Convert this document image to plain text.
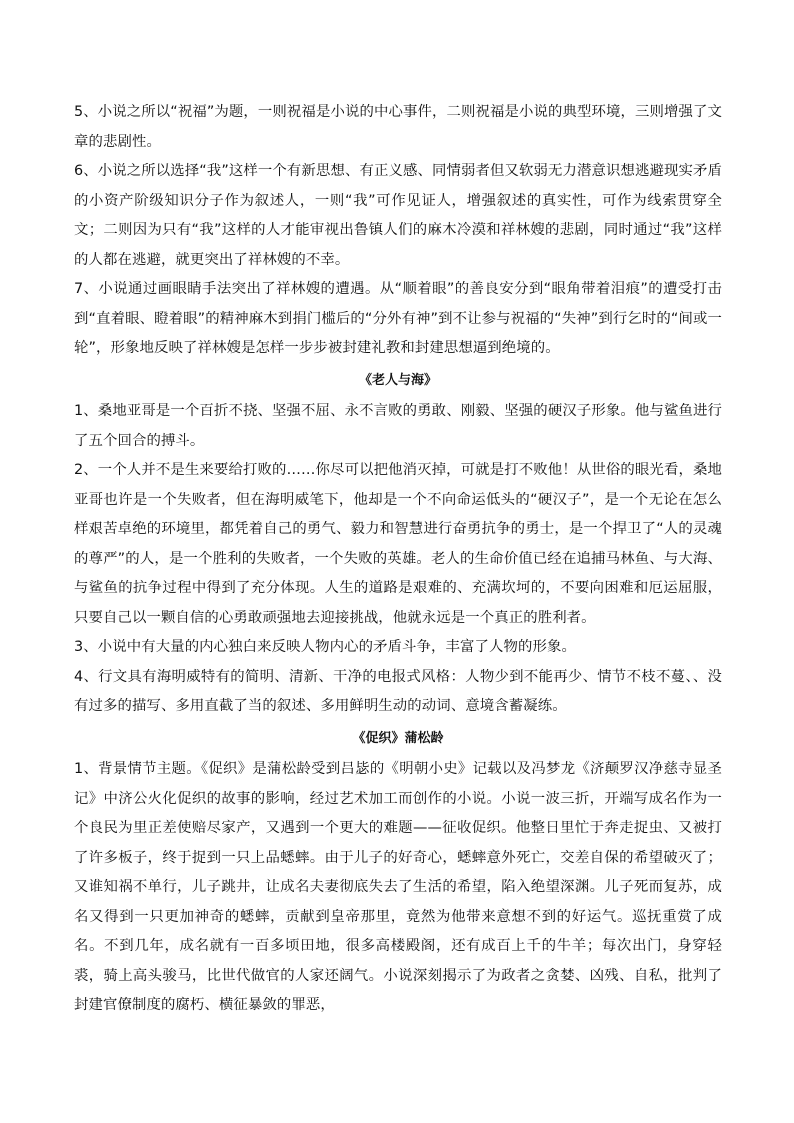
5、小说之所以“祝福”为题，一则祝福是小说的中心事件，二则祝福是小说的典型环境，三则增强了文章的悲剧性。

6、小说之所以选择“我”这样一个有新思想、有正义感、同情弱者但又软弱无力潜意识想逃避现实矛盾的小资产阶级知识分子作为叙述人，一则“我”可作见证人，增强叙述的真实性，可作为线索贯穿全文；二则因为只有“我”这样的人才能审视出鲁镇人们的麻木冷漠和祥林嫂的悲剧，同时通过“我”这样的人都在逃避，就更突出了祥林嫂的不幸。

7、小说通过画眼睛手法突出了祥林嫂的遭遇。从“顺着眼”的善良安分到“眼角带着泪痕”的遭受打击到“直着眼、瞪着眼”的精神麻木到捐门槛后的“分外有神”到不让参与祝福的“失神”到行乞时的“间或一轮”，形象地反映了祥林嫂是怎样一步步被封建礼教和封建思想逼到绝境的。

《老人与海》

1、桑地亚哥是一个百折不挠、坚强不屈、永不言败的勇敢、刚毅、坚强的硬汉子形象。他与鲨鱼进行了五个回合的搏斗。

2、一个人并不是生来要给打败的……你尽可以把他消灭掉，可就是打不败他！从世俗的眼光看，桑地亚哥也许是一个失败者，但在海明威笔下，他却是一个不向命运低头的“硬汉子”，是一个无论在怎么样艰苦卓绝的环境里，都凭着自己的勇气、毅力和智慧进行奋勇抗争的勇士，是一个捍卫了“人的灵魂的尊严”的人，是一个胜利的失败者，一个失败的英雄。老人的生命价值已经在追捕马林鱼、与大海、与鲨鱼的抗争过程中得到了充分体现。人生的道路是艰难的、充满坎坷的，不要向困难和厄运屈服，只要自己以一颗自信的心勇敢顽强地去迎接挑战，他就永远是一个真正的胜利者。

3、小说中有大量的内心独白来反映人物内心的矛盾斗争，丰富了人物的形象。

4、行文具有海明威特有的简明、清新、干净的电报式风格：人物少到不能再少、情节不枝不蔓、、没有过多的描写、多用直截了当的叙述、多用鲜明生动的动词、意境含蓄凝练。

《促织》蒲松龄

1、背景情节主题。《促织》是蒲松龄受到吕毖的《明朝小史》记载以及冯梦龙《济颠罗汉净慈寺显圣记》中济公火化促织的故事的影响，经过艺术加工而创作的小说。小说一波三折，开端写成名作为一个良民为里正差使赔尽家产，又遇到一个更大的难题——征收促织。他整日里忙于奔走捉虫、又被打了许多板子，终于捉到一只上品蟋蟀。由于儿子的好奇心，蟋蟀意外死亡，交差自保的希望破灭了；又谁知祸不单行，儿子跳井，让成名夫妻彻底失去了生活的希望，陷入绝望深渊。儿子死而复苏，成名又得到一只更加神奇的蟋蟀，贡献到皇帝那里，竟然为他带来意想不到的好运气。巡抚重赏了成名。不到几年，成名就有一百多顷田地，很多高楼殿阁，还有成百上千的牛羊；每次出门，身穿轻裘，骑上高头骏马，比世代做官的人家还阔气。小说深刻揭示了为政者之贪婪、凶残、自私，批判了封建官僚制度的腐朽、横征暴敛的罪恶，
